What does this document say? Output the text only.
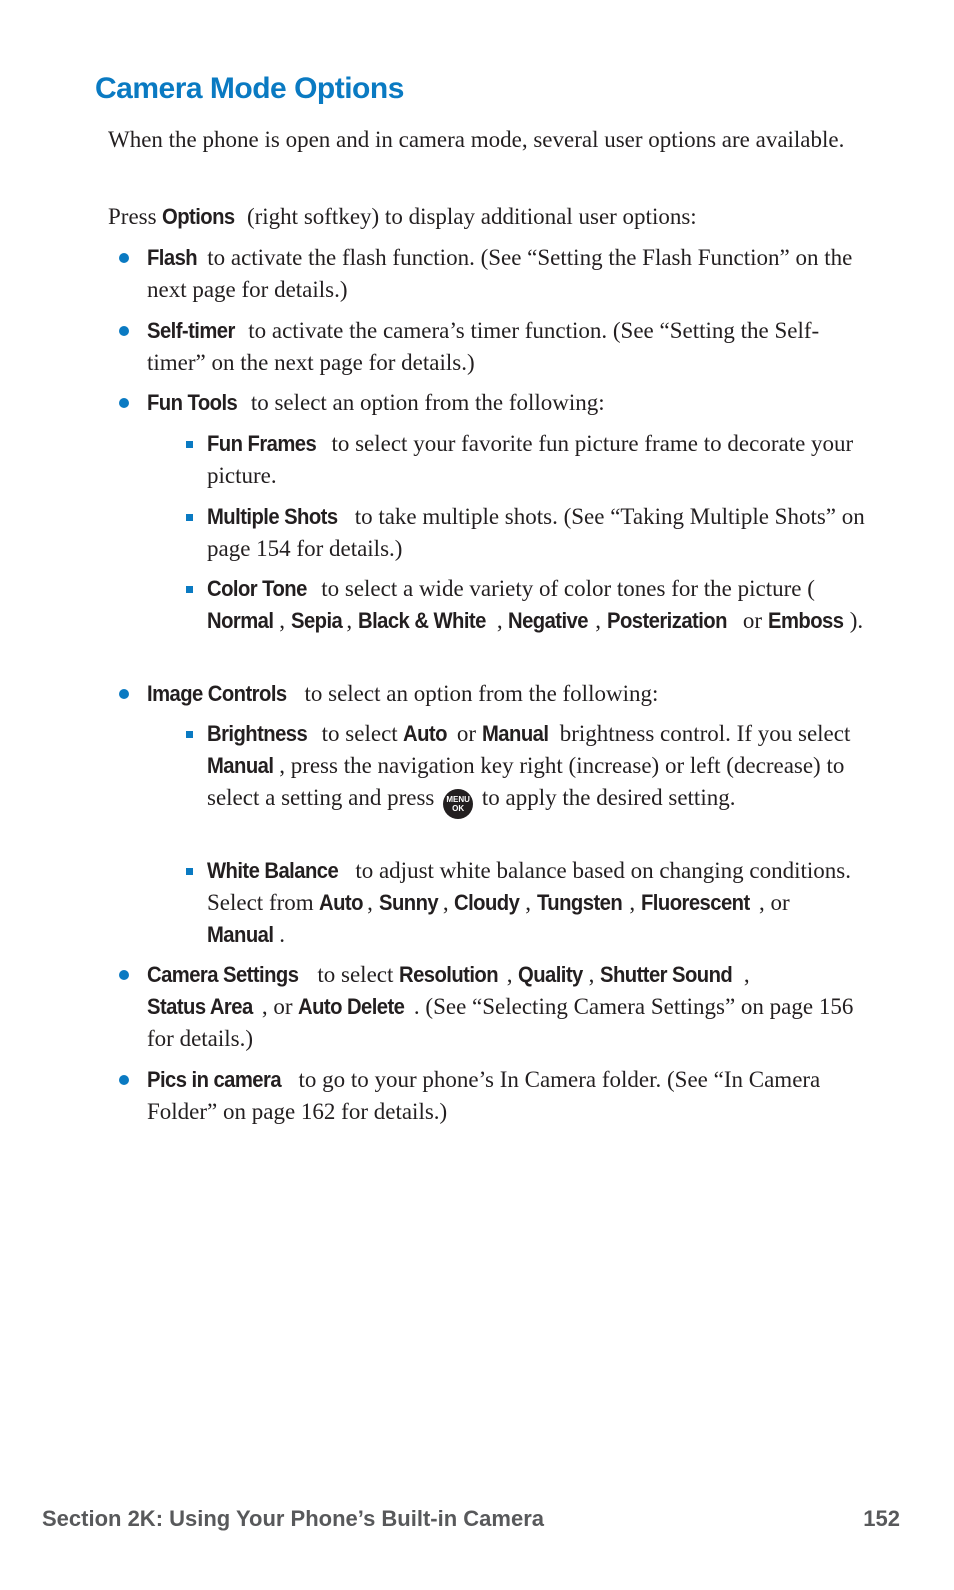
Camera Mode Options

When the phone is open and in camera mode, several user options are available.

Press Options (right softkey) to display additional user options:

Flash to activate the flash function. (See “Setting the Flash Function” on the next page for details.)

Self-timer to activate the camera’s timer function. (See “Setting the Self-timer” on the next page for details.)

Fun Tools to select an option from the following:

Fun Frames to select your favorite fun picture frame to decorate your picture.

Multiple Shots to take multiple shots. (See “Taking Multiple Shots” on page 154 for details.)

Color Tone to select a wide variety of color tones for the picture (Normal , Sepia , Black & White , Negative , Posterization or Emboss ).

Image Controls to select an option from the following:

Brightness to select Auto or Manual brightness control. If you select Manual , press the navigation key right (increase) or left (decrease) to select a setting and press MENU
OK to apply the desired setting.

White Balance to adjust white balance based on changing conditions. Select from Auto , Sunny , Cloudy , Tungsten , Fluorescent , or Manual .

Camera Settings to select Resolution , Quality , Shutter Sound , Status Area , or Auto Delete . (See “Selecting Camera Settings” on page 156 for details.)

Pics in camera to go to your phone’s In Camera folder. (See “In Camera Folder” on page 162 for details.)

Section 2K: Using Your Phone’s Built-in Camera	152
